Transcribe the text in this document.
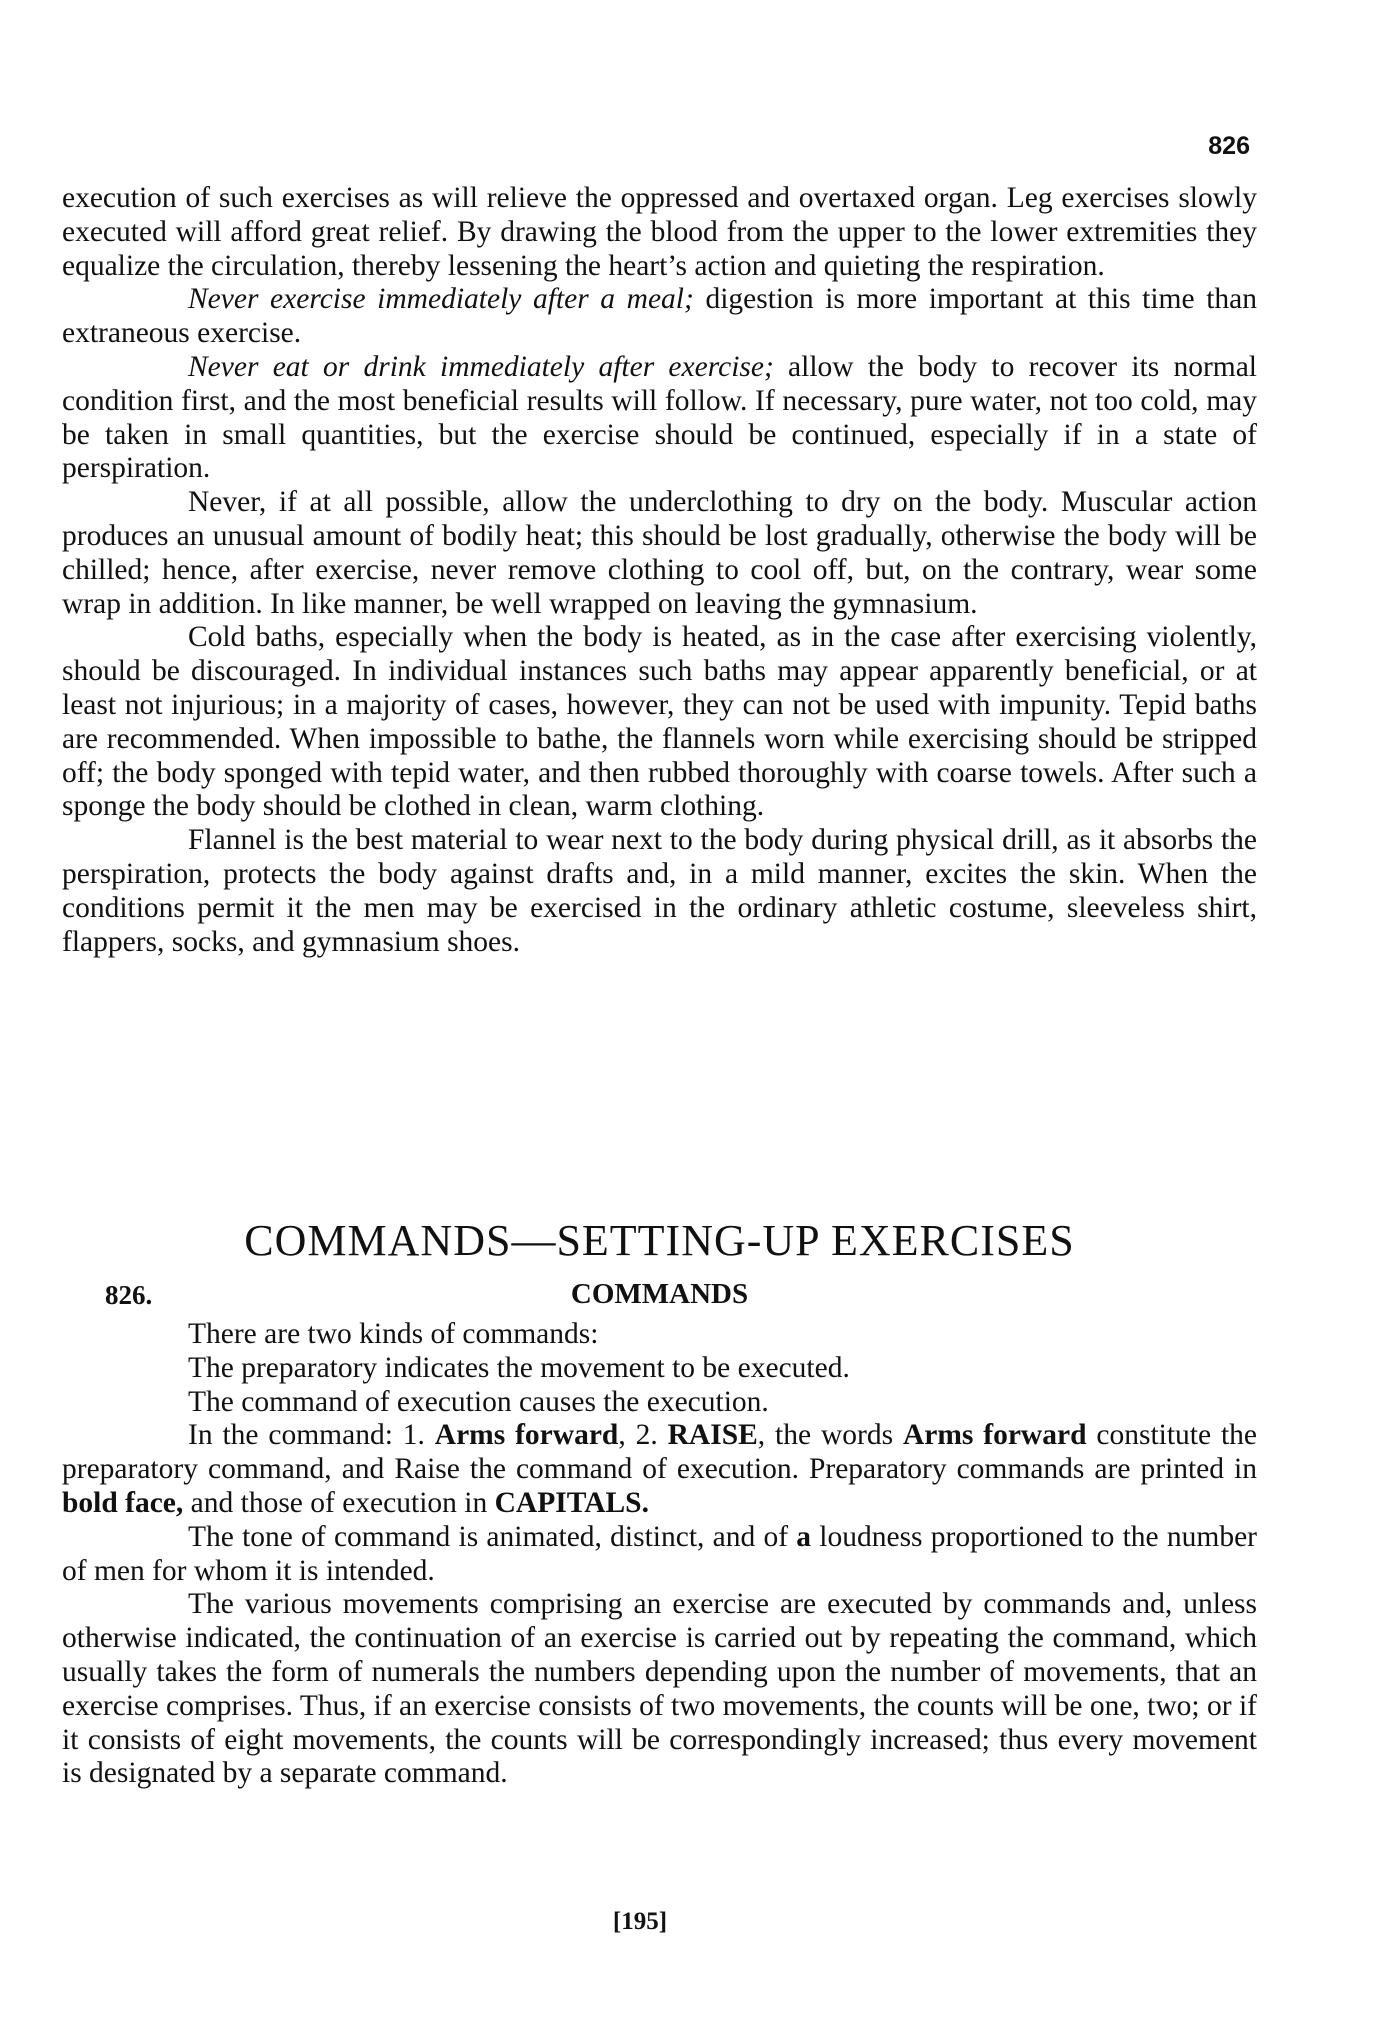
826

execution of such exercises as will relieve the oppressed and overtaxed organ. Leg exercises slowly executed will afford great relief. By drawing the blood from the upper to the lower extremities they equalize the circulation, thereby lessening the heart’s action and quieting the respiration.

Never exercise immediately after a meal; digestion is more important at this time than extraneous exercise.

Never eat or drink immediately after exercise; allow the body to recover its normal condition first, and the most beneficial results will follow. If necessary, pure water, not too cold, may be taken in small quantities, but the exercise should be continued, especially if in a state of perspiration.

Never, if at all possible, allow the underclothing to dry on the body. Muscular action produces an unusual amount of bodily heat; this should be lost gradually, otherwise the body will be chilled; hence, after exercise, never remove clothing to cool off, but, on the contrary, wear some wrap in addition. In like manner, be well wrapped on leaving the gymnasium.

Cold baths, especially when the body is heated, as in the case after exercising violently, should be discouraged. In individual instances such baths may appear apparently beneficial, or at least not injurious; in a majority of cases, however, they can not be used with impunity. Tepid baths are recommended. When impossible to bathe, the flannels worn while exercising should be stripped off; the body sponged with tepid water, and then rubbed thoroughly with coarse towels. After such a sponge the body should be clothed in clean, warm clothing.

Flannel is the best material to wear next to the body during physical drill, as it absorbs the perspiration, protects the body against drafts and, in a mild manner, excites the skin. When the conditions permit it the men may be exercised in the ordinary athletic costume, sleeveless shirt, flappers, socks, and gymnasium shoes.

COMMANDS—SETTING-UP EXERCISES
826.	COMMANDS

There are two kinds of commands:

The preparatory indicates the movement to be executed.

The command of execution causes the execution.

In the command: 1. Arms forward, 2. RAISE, the words Arms forward constitute the preparatory command, and Raise the command of execution. Preparatory commands are printed in bold face, and those of execution in CAPITALS.

The tone of command is animated, distinct, and of a loudness proportioned to the number of men for whom it is intended.

The various movements comprising an exercise are executed by commands and, unless otherwise indicated, the continuation of an exercise is carried out by repeating the command, which usually takes the form of numerals the numbers depending upon the number of movements, that an exercise comprises. Thus, if an exercise consists of two movements, the counts will be one, two; or if it consists of eight movements, the counts will be correspondingly increased; thus every movement is designated by a separate command.

[195]
